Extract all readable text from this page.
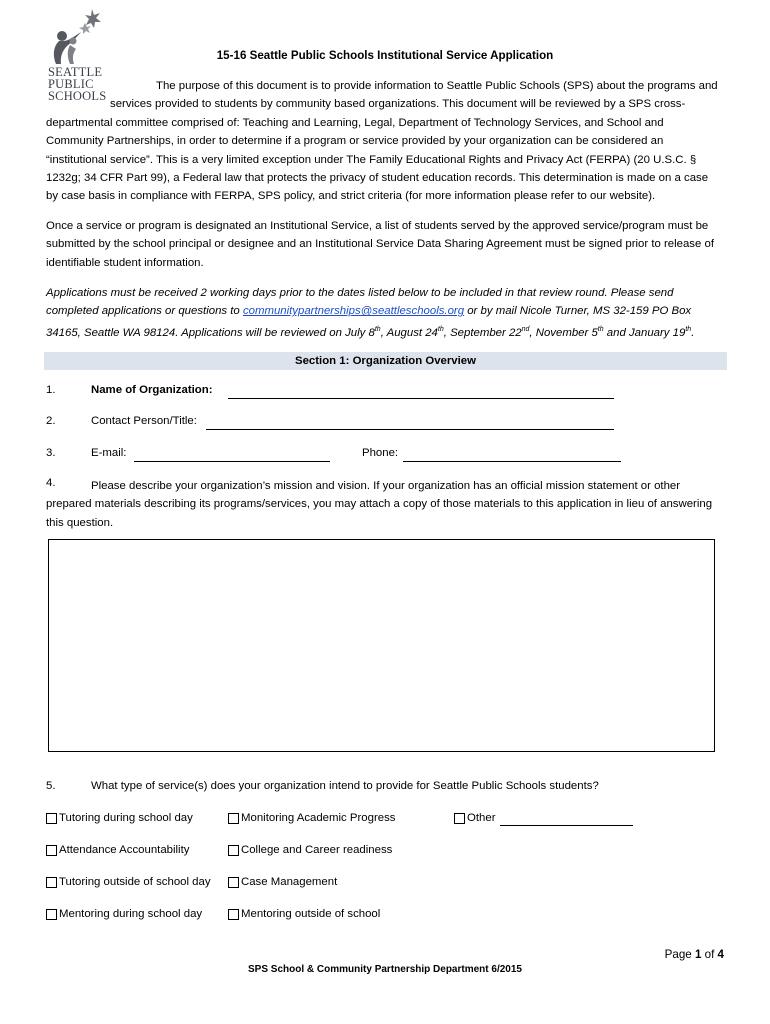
SEATTLE
PUBLIC
SCHOOLS
15-16 Seattle Public Schools Institutional Service Application

The purpose of this document is to provide information to Seattle Public Schools (SPS) about the programs and

services provided to students by community based organizations. This document will be reviewed by a SPS cross-

departmental committee comprised of: Teaching and Learning, Legal, Department of Technology Services, and School and

Community Partnerships, in order to determine if a program or service provided by your organization can be considered an

“institutional service”. This is a very limited exception under The Family Educational Rights and Privacy Act (FERPA) (20 U.S.C. §

1232g; 34 CFR Part 99), a Federal law that protects the privacy of student education records. This determination is made on a case

by case basis in compliance with FERPA, SPS policy, and strict criteria (for more information please refer to our website).

Once a service or program is designated an Institutional Service, a list of students served by the approved service/program must be

submitted by the school principal or designee and an Institutional Service Data Sharing Agreement must be signed prior to release of

identifiable student information.

Applications must be received 2 working days prior to the dates listed below to be included in that review round. Please send

completed applications or questions to communitypartnerships@seattleschools.org or by mail Nicole Turner, MS 32-159 PO Box

34165, Seattle WA 98124. Applications will be reviewed on July 8th, August 24th, September 22nd, November 5th and January 19th.

Section 1: Organization Overview
1.	Name of Organization:
2.	Contact Person/Title:
3.	E-mail:	Phone:
4.	Please describe your organization’s mission and vision. If your organization has an official mission statement or other

prepared materials describing its programs/services, you may attach a copy of those materials to this application in lieu of answering

this question.

5.	What type of service(s) does your organization intend to provide for Seattle Public Schools students?
Tutoring during school day	Monitoring Academic Progress	Other
Attendance Accountability	College and Career readiness
Tutoring outside of school day	Case Management
Mentoring during school day	Mentoring outside of school
Page 1 of 4
SPS School & Community Partnership Department 6/2015
